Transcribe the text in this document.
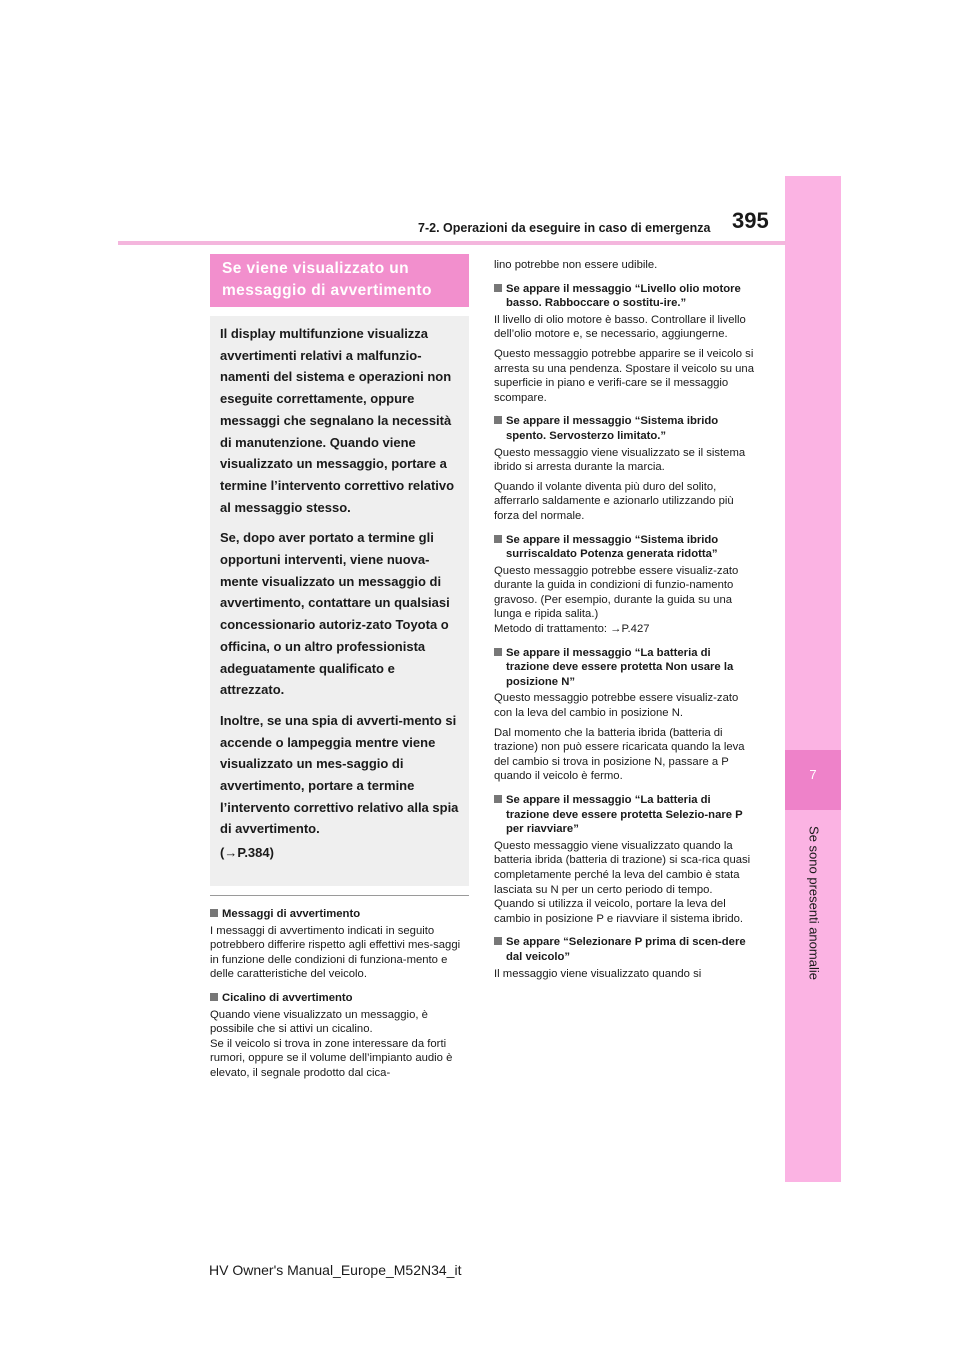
7
Se sono presenti anomalie
7-2. Operazioni da eseguire in caso di emergenza 395
Se viene visualizzato un
messaggio di avvertimento

Il display multifunzione visualizza avvertimenti relativi a malfunzio-namenti del sistema e operazioni non eseguite correttamente, oppure messaggi che segnalano la necessità di manutenzione. Quando viene visualizzato un messaggio, portare a termine l’intervento correttivo relativo al messaggio stesso.

Se, dopo aver portato a termine gli opportuni interventi, viene nuova-mente visualizzato un messaggio di avvertimento, contattare un qualsiasi concessionario autoriz-zato Toyota o officina, o un altro professionista adeguatamente qualificato e attrezzato.

Inoltre, se una spia di avverti-mento si accende o lampeggia mentre viene visualizzato un mes-saggio di avvertimento, portare a termine l’intervento correttivo relativo alla spia di avvertimento.

(→P.384)

Messaggi di avvertimento

I messaggi di avvertimento indicati in seguito potrebbero differire rispetto agli effettivi mes-saggi in funzione delle condizioni di funziona-mento e delle caratteristiche del veicolo.

Cicalino di avvertimento

Quando viene visualizzato un messaggio, è possibile che si attivi un cicalino.

Se il veicolo si trova in zone interessare da forti rumori, oppure se il volume dell’impianto audio è elevato, il segnale prodotto dal cica-

lino potrebbe non essere udibile.

Se appare il messaggio “Livello olio motore basso. Rabboccare o sostitu-ire.”

Il livello di olio motore è basso. Controllare il livello dell’olio motore e, se necessario, aggiungerne.

Questo messaggio potrebbe apparire se il veicolo si arresta su una pendenza. Spostare il veicolo su una superficie in piano e verifi-care se il messaggio scompare.

Se appare il messaggio “Sistema ibrido spento. Servosterzo limitato.”

Questo messaggio viene visualizzato se il sistema ibrido si arresta durante la marcia.

Quando il volante diventa più duro del solito, afferrarlo saldamente e azionarlo utilizzando più forza del normale.

Se appare il messaggio “Sistema ibrido surriscaldato Potenza generata ridotta”

Questo messaggio potrebbe essere visualiz-zato durante la guida in condizioni di funzio-namento gravoso. (Per esempio, durante la guida su una lunga e ripida salita.)

Metodo di trattamento: →P.427

Se appare il messaggio “La batteria di trazione deve essere protetta Non usare la posizione N”

Questo messaggio potrebbe essere visualiz-zato con la leva del cambio in posizione N.

Dal momento che la batteria ibrida (batteria di trazione) non può essere ricaricata quando la leva del cambio si trova in posizione N, passare a P quando il veicolo è fermo.

Se appare il messaggio “La batteria di trazione deve essere protetta Selezio-nare P per riavviare”

Questo messaggio viene visualizzato quando la batteria ibrida (batteria di trazione) si sca-rica quasi completamente perché la leva del cambio è stata lasciata su N per un certo periodo di tempo.

Quando si utilizza il veicolo, portare la leva del cambio in posizione P e riavviare il sistema ibrido.

Se appare “Selezionare P prima di scen-dere dal veicolo”

Il messaggio viene visualizzato quando si

HV Owner's Manual_Europe_M52N34_it
